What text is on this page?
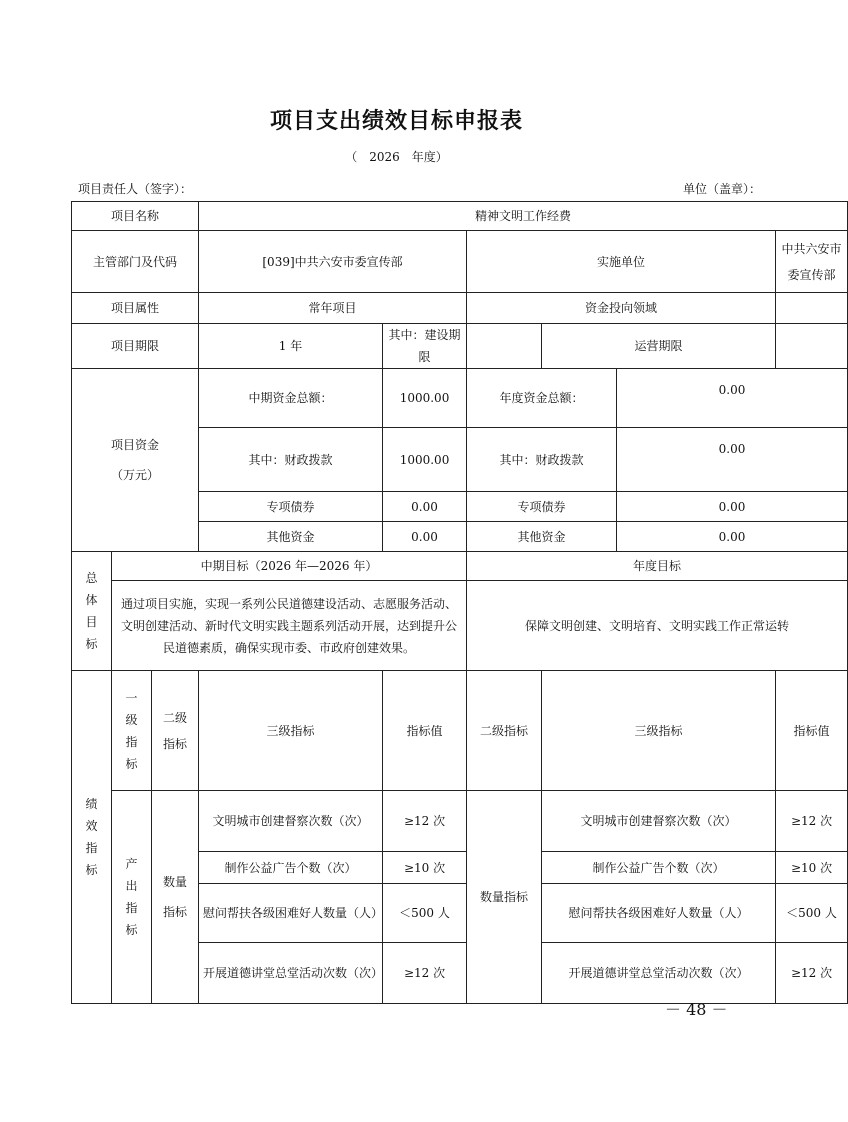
项目支出绩效目标申报表
（　2026　年度）
项目责任人（签字）：	单位（盖章）：
项目名称			精神文明工作经费					
主管部门及代码			[039]中共六安市委宣传部		实施单位			中共六安市委宣传部
项目属性			常年项目		资金投向领域			
项目期限			1 年	其中：建设期限		运营期限		
项目资金
（万元）			中期资金总额：	1000.00	年度资金总额：		0.00	
			其中：财政拨款	1000.00	其中：财政拨款		0.00	
			专项债券	0.00	专项债券		0.00	
			其他资金	0.00	其他资金		0.00	
总
体
目
标	中期目标（2026 年—2026 年）				年度目标			
	通过项目实施，实现一系列公民道德建设活动、志愿服务活动、文明创建活动、新时代文明实践主题系列活动开展，达到提升公民道德素质，确保实现市委、市政府创建效果。				保障文明创建、文明培育、文明实践工作正常运转			
绩
效
指
标	一
级
指
标	二级
指标	三级指标	指标值	二级指标	三级指标		指标值
	产
出
指
标	数量
指标	文明城市创建督察次数（次）	≥12 次	数量指标	文明城市创建督察次数（次）		≥12 次
			制作公益广告个数（次）	≥10 次		制作公益广告个数（次）		≥10 次
			慰问帮扶各级困难好人数量（人）	＜500 人		慰问帮扶各级困难好人数量（人）		＜500 人
			开展道德讲堂总堂活动次数（次）	≥12 次		开展道德讲堂总堂活动次数（次）		≥12 次
－ 48 －
